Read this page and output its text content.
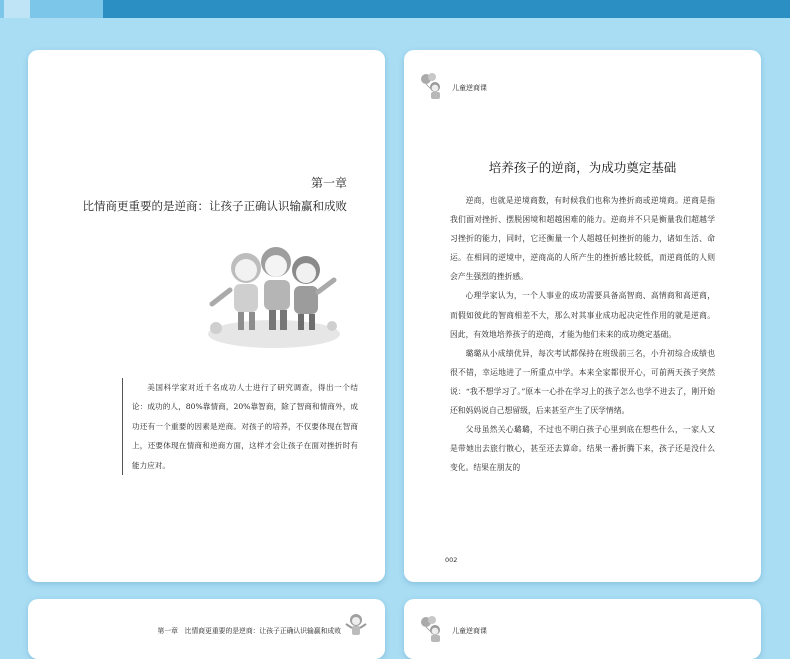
第一章
比情商更重要的是逆商：让孩子正确认识输赢和成败
美国科学家对近千名成功人士进行了研究调查，得出一个结论：成功的人，80%靠情商，20%靠智商，除了智商和情商外，成功还有一个重要的因素是逆商。对孩子的培养，不仅要体现在智商上，还要体现在情商和逆商方面，这样才会让孩子在面对挫折时有能力应对。
儿童逆商课
培养孩子的逆商，为成功奠定基础

逆商，也就是逆境商数，有时候我们也称为挫折商或逆境商。逆商是指我们面对挫折、摆脱困境和超越困难的能力。逆商并不只是衡量我们超越学习挫折的能力，同时，它还衡量一个人超越任何挫折的能力，诸如生活、命运。在相同的逆境中，逆商高的人所产生的挫折感比较低，而逆商低的人则会产生强烈的挫折感。

心理学家认为，一个人事业的成功需要具备高智商、高情商和高逆商，而假如彼此的智商相差不大，那么对其事业成功起决定性作用的就是逆商。因此，有效地培养孩子的逆商，才能为他们未来的成功奠定基础。

璐璐从小成绩优异，每次考试都保持在班级前三名，小升初综合成绩也很不错，幸运地进了一所重点中学。本来全家都很开心，可前两天孩子突然说：“我不想学习了。”原本一心扑在学习上的孩子怎么也学不进去了，刚开始还和妈妈说自己想留级，后来甚至产生了厌学情绪。

父母虽然关心璐璐，不过也不明白孩子心里到底在想些什么，一家人又是带她出去旅行散心，甚至还去算命。结果一番折腾下来，孩子还是没什么变化。结果在朋友的

002
第一章　比情商更重要的是逆商：让孩子正确认识输赢和成败	儿童逆商课
